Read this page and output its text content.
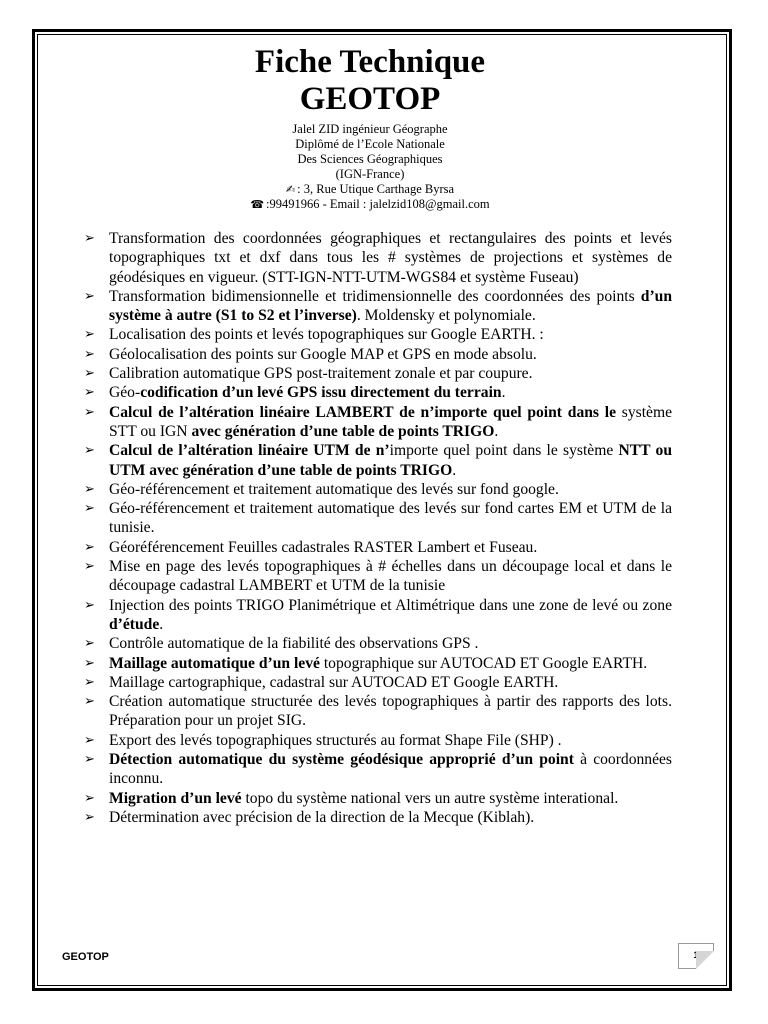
Fiche Technique
GEOTOP
Jalel ZID ingénieur Géographe
Diplômé de l’Ecole Nationale
Des Sciences Géographiques
(IGN-France)
✍ : 3, Rue Utique Carthage Byrsa
☎ :99491966 - Email : jalelzid108@gmail.com
➢ Transformation des coordonnées géographiques et rectangulaires des points et levés topographiques txt et dxf dans tous les # systèmes de projections et systèmes de géodésiques en vigueur. (STT-IGN-NTT-UTM-WGS84 et système Fuseau)
➢ Transformation bidimensionnelle et tridimensionnelle des coordonnées des points d’un système à autre (S1 to S2 et l’inverse). Moldensky et polynomiale.
➢ Localisation des points et levés topographiques sur Google EARTH. :
➢ Géolocalisation des points sur Google MAP et GPS en mode absolu.
➢ Calibration automatique GPS post-traitement zonale et par coupure.
➢ Géo-codification d’un levé GPS issu directement du terrain.
➢ Calcul de l’altération linéaire LAMBERT de n’importe quel point dans le système STT ou IGN avec génération d’une table de points TRIGO.
➢ Calcul de l’altération linéaire UTM de n’importe quel point dans le système NTT ou UTM avec génération d’une table de points TRIGO.
➢ Géo-référencement et traitement automatique des levés sur fond google.
➢ Géo-référencement et traitement automatique des levés sur fond cartes EM et UTM de la tunisie.
➢ Géoréférencement Feuilles cadastrales RASTER Lambert et Fuseau.
➢ Mise en page des levés topographiques à # échelles dans un découpage local et dans le découpage cadastral LAMBERT et UTM de la tunisie
➢ Injection des points TRIGO Planimétrique et Altimétrique dans une zone de levé ou zone d’étude.
➢ Contrôle automatique de la fiabilité des observations GPS .
➢ Maillage automatique d’un levé topographique sur AUTOCAD ET Google EARTH.
➢ Maillage cartographique, cadastral sur AUTOCAD ET Google EARTH.
➢ Création automatique structurée des levés topographiques à partir des rapports des lots. Préparation pour un projet SIG.
➢ Export des levés topographiques structurés au format Shape File (SHP) .
➢ Détection automatique du système géodésique approprié d’un point à coordonnées inconnu.
➢ Migration d’un levé topo du système national vers un autre système interational.
➢ Détermination avec précision de la direction de la Mecque (Kiblah).
GEOTOP	1
